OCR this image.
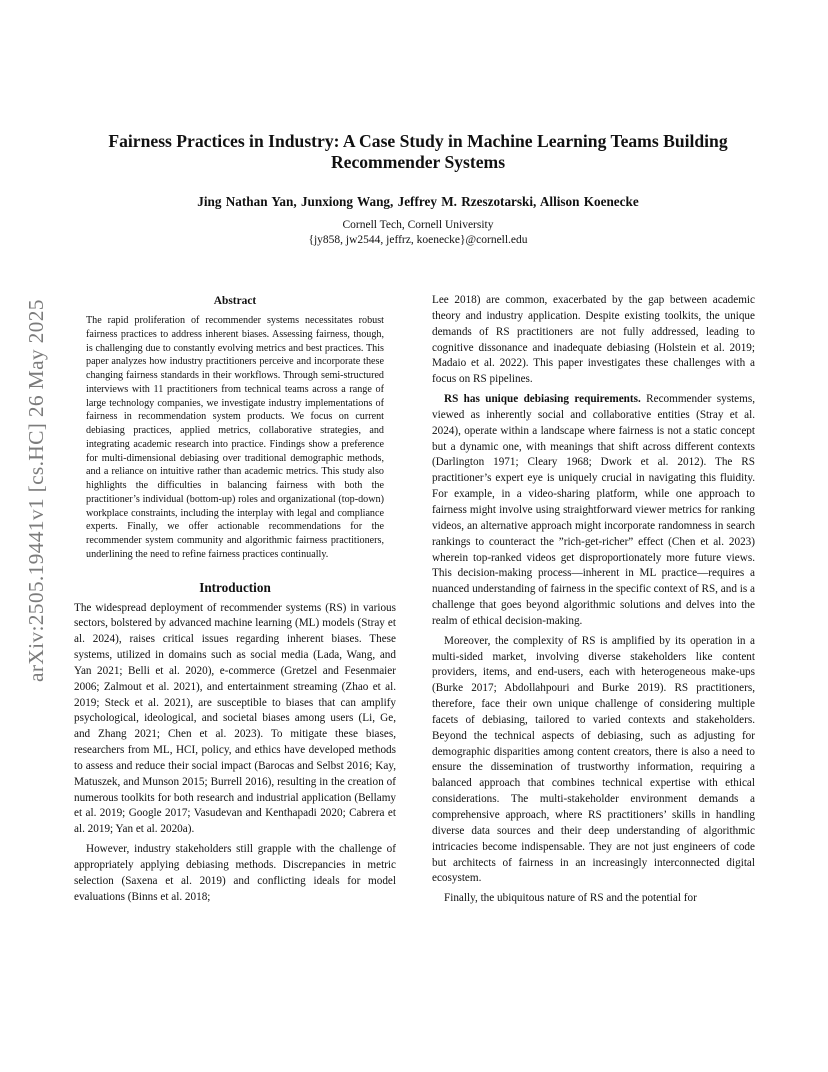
arXiv:2505.19441v1 [cs.HC] 26 May 2025
Fairness Practices in Industry: A Case Study in Machine Learning Teams Building Recommender Systems
Jing Nathan Yan, Junxiong Wang, Jeffrey M. Rzeszotarski, Allison Koenecke
Cornell Tech, Cornell University
{jy858, jw2544, jeffrz, koenecke}@cornell.edu
Abstract

The rapid proliferation of recommender systems necessitates robust fairness practices to address inherent biases. Assessing fairness, though, is challenging due to constantly evolving metrics and best practices. This paper analyzes how industry practitioners perceive and incorporate these changing fairness standards in their workflows. Through semi-structured interviews with 11 practitioners from technical teams across a range of large technology companies, we investigate industry implementations of fairness in recommendation system products. We focus on current debiasing practices, applied metrics, collaborative strategies, and integrating academic research into practice. Findings show a preference for multi-dimensional debiasing over traditional demographic methods, and a reliance on intuitive rather than academic metrics. This study also highlights the difficulties in balancing fairness with both the practitioner’s individual (bottom-up) roles and organizational (top-down) workplace constraints, including the interplay with legal and compliance experts. Finally, we offer actionable recommendations for the recommender system community and algorithmic fairness practitioners, underlining the need to refine fairness practices continually.

Introduction

The widespread deployment of recommender systems (RS) in various sectors, bolstered by advanced machine learning (ML) models (Stray et al. 2024), raises critical issues regarding inherent biases. These systems, utilized in domains such as social media (Lada, Wang, and Yan 2021; Belli et al. 2020), e-commerce (Gretzel and Fesenmaier 2006; Zalmout et al. 2021), and entertainment streaming (Zhao et al. 2019; Steck et al. 2021), are susceptible to biases that can amplify psychological, ideological, and societal biases among users (Li, Ge, and Zhang 2021; Chen et al. 2023). To mitigate these biases, researchers from ML, HCI, policy, and ethics have developed methods to assess and reduce their social impact (Barocas and Selbst 2016; Kay, Matuszek, and Munson 2015; Burrell 2016), resulting in the creation of numerous toolkits for both research and industrial application (Bellamy et al. 2019; Google 2017; Vasudevan and Kenthapadi 2020; Cabrera et al. 2019; Yan et al. 2020a).

However, industry stakeholders still grapple with the challenge of appropriately applying debiasing methods. Discrepancies in metric selection (Saxena et al. 2019) and conflicting ideals for model evaluations (Binns et al. 2018;

Lee 2018) are common, exacerbated by the gap between academic theory and industry application. Despite existing toolkits, the unique demands of RS practitioners are not fully addressed, leading to cognitive dissonance and inadequate debiasing (Holstein et al. 2019; Madaio et al. 2022). This paper investigates these challenges with a focus on RS pipelines.

RS has unique debiasing requirements. Recommender systems, viewed as inherently social and collaborative entities (Stray et al. 2024), operate within a landscape where fairness is not a static concept but a dynamic one, with meanings that shift across different contexts (Darlington 1971; Cleary 1968; Dwork et al. 2012). The RS practitioner’s expert eye is uniquely crucial in navigating this fluidity. For example, in a video-sharing platform, while one approach to fairness might involve using straightforward viewer metrics for ranking videos, an alternative approach might incorporate randomness in search rankings to counteract the ”rich-get-richer” effect (Chen et al. 2023) wherein top-ranked videos get disproportionately more future views. This decision-making process—inherent in ML practice—requires a nuanced understanding of fairness in the specific context of RS, and is a challenge that goes beyond algorithmic solutions and delves into the realm of ethical decision-making.

Moreover, the complexity of RS is amplified by its operation in a multi-sided market, involving diverse stakeholders like content providers, items, and end-users, each with heterogeneous make-ups (Burke 2017; Abdollahpouri and Burke 2019). RS practitioners, therefore, face their own unique challenge of considering multiple facets of debiasing, tailored to varied contexts and stakeholders. Beyond the technical aspects of debiasing, such as adjusting for demographic disparities among content creators, there is also a need to ensure the dissemination of trustworthy information, requiring a balanced approach that combines technical expertise with ethical considerations. The multi-stakeholder environment demands a comprehensive approach, where RS practitioners’ skills in handling diverse data sources and their deep understanding of algorithmic intricacies become indispensable. They are not just engineers of code but architects of fairness in an increasingly interconnected digital ecosystem.

Finally, the ubiquitous nature of RS and the potential for
